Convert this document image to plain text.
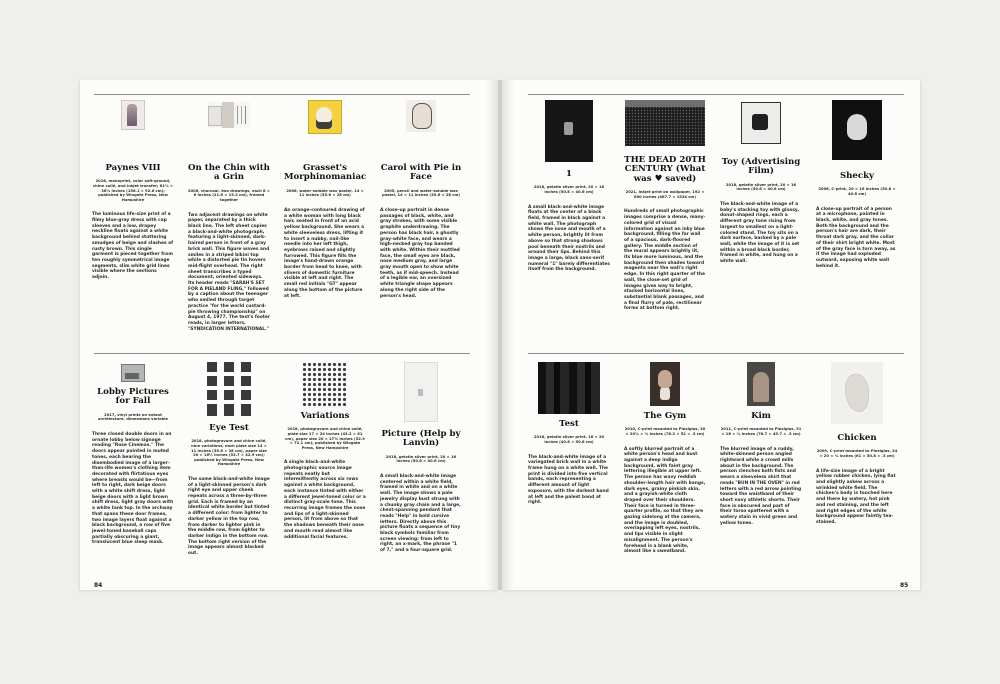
Paynes VIII
2016, monoprint, color soft-ground, chine collé, and inkjet transfer; 61⅞ × 36⅞ inches (156.1 × 92.6 cm); published by Wingate Press, New Hampshire
The luminous life-size print of a filmy blue-gray dress with cap sleeves and a low, drapey neckline floats against a white background behind stuttering smudges of beige and slashes of rusty brown. This single garment is pieced together from ten roughly symmetrical image segments, slim white grid lines visible where the sections adjoin.
On the Chin with a Grin
2006, charcoal, two drawings, each 8 × 6 inches (21.6 × 15.2 cm), framed together
Two adjacent drawings on white paper, separated by a thick black line. The left sheet copies a black-and-white photograph, featuring a light-skinned, dark-haired person in front of a gray brick wall. This figure waves and smiles in a striped bikini top while a distorted pie tin hovers mid-flight overhead. The right sheet transcribes a typed document, oriented sideways. Its header reads "SARAH'S SET FOR A PIELAND FLING," followed by a caption about the teenager who smiled through target practice "for the world custard-pie throwing championship" on August 4, 1977. The text's footer reads, in larger letters, "SYNDICATION INTERNATIONAL."
Grasset's Morphinomaniac
2006, water-soluble wax pastel, 14 × 11 inches (35.6 × 28 cm)
An orange-contoured drawing of a white woman with long black hair, seated in front of an acid yellow background. She wears a white sleeveless dress, lifting it to insert a nubby, nail-like needle into her left thigh, eyebrows raised and slightly furrowed. This figure fills the image's hand-drawn orange border from head to knee, with slivers of domestic furniture visible at left and right. The small red initials "GT" appear along the bottom of the picture at left.
Carol with Pie in Face
2005, pencil and water-soluble wax pastel, 14 × 11 inches (35.6 × 28 cm)
A close-up portrait in dense passages of black, white, and gray strokes, with some visible graphite underdrawing. The person has black hair, a ghostly gray-white face, and wears a high-necked gray top banded with white. Within their mottled face, the small eyes are black, nose medium gray, and large gray mouth open to show white teeth, as if mid-speech. Instead of a legible ear, an oversized white triangle shape appears along the right side of the person's head.
Lobby Pictures for Fall
2017, vinyl prints on extant architecture, dimensions variable
Three closed double doors in an ornate lobby below signage reading "Rose Cinemas." The doors appear painted in muted tones, each bearing the disembodied image of a larger-than-life women's clothing item decorated with flirtatious eyes where breasts would be—from left to right, dark beige doors with a white shift dress, light beige doors with a light brown shift dress, light gray doors with a white tank top. In the archway that spans these door frames, two image layers float against a black background, a row of five jewel-toned baseball caps partially obscuring a giant, translucent blue sleep mask.
Eye Test
2018, photogravure and chine collé, nine variations, each plate size 14 × 11 inches (35.6 × 28 cm), paper size 20 × 16½ inches (52.7 × 42.9 cm); published by Wingate Press, New Hampshire
The same black-and-white image of a light-skinned person's dark right eye and upper cheek repeats across a three-by-three grid. Each is framed by an identical white border but tinted a different color: from lighter to darker yellow in the top row, from darker to lighter pink in the middle row, from lighter to darker indigo in the bottom row. The bottom right version of the image appears almost blacked out.
Variations
2018, photogravure and chine collé, plate size 17 × 24 inches (43.2 × 61 cm), paper size 20 × 27⅝ inches (52.9 × 72.1 cm); published by Wingate Press, New Hampshire
A single black-and-white photographic source image repeats neatly but intermittently across six rows against a white background, each instance tinted with either a different jewel-toned color or a distinct gray-scale tone. This recurring image frames the nose and lips of a light-skinned person, lit from above so that the shadows beneath their nose and mouth read almost like additional facial features.
Picture (Help by Lanvin)
2018, gelatin silver print, 20 × 16 inches (50.8 × 40.6 cm)
A small black-and-white image centered within a white field, framed in white and on a white wall. The image shows a pale jewelry display bust strung with a chunky gray chain and a large, chest-spanning pendant that reads "Help" in bold cursive letters. Directly above this picture floats a sequence of tiny black symbols familiar from screen viewing: from left to right, an x-mark, the phrase "1 of 7," and a four-square grid.
84
1
2018, gelatin silver print, 20 × 16 inches (50.8 × 40.6 cm)
A small black-and-white image floats at the center of a black field, framed in black against a white wall. The photograph shows the nose and mouth of a white person, brightly lit from above so that strong shadows pool beneath their nostrils and around their lips. Behind this image a large, black sans-serif numeral "1" barely differentiates itself from the background.
THE DEAD 20TH CENTURY (What was ♥ saved)
2021, inkjet print on wallpaper, 192 × 600 inches (487.7 × 1524 cm)
Hundreds of small photographic images comprise a dense, many-colored grid of visual information against an inky blue background, filling the far wall of a spacious, dark-floored gallery. The middle section of the mural appears brightly lit, its blue more luminous, and the background then shades toward magenta near the wall's right edge. In this right quarter of the wall, the close-set grid of images gives way to bright, stacked horizontal lines, substantial blank passages, and a final flurry of pale, rectilinear forms at bottom right.
Toy (Advertising Film)
2018, gelatin silver print, 20 × 16 inches (50.8 × 40.6 cm)
The black-and-white image of a baby's stacking toy with glossy, donut-shaped rings, each a different gray tone rising from largest to smallest on a light-colored stand. The toy sits on a dark surface, backed by a pale wall, while the image of it is set within a broad black border, framed in white, and hung on a white wall.
Shecky
2006, C-print, 20 × 16 inches (50.8 × 40.6 cm)
A close-up portrait of a person at a microphone, painted in black, white, and gray tones. Both the background and the person's hair are dark, their throat dark gray, and the collar of their shirt bright white. Most of the gray face is torn away, as if the image had exploded outward, exposing white wall behind it.
Test
2018, gelatin silver print, 16 × 20 inches (40.6 × 50.8 cm)
The black-and-white image of a variegated brick wall in a white frame hung on a white wall. The print is divided into five vertical bands, each representing a different amount of light exposure, with the darkest band at left and the palest band at right.
The Gym
2010, C-print mounted to Plexiglas, 30 × 20⅞ × ⅛ inches (76.2 × 52 × .3 cm)
A softly blurred portrait of a white person's head and bust against a deep indigo background, with faint gray lettering illegible at upper left. The person has wavy reddish shoulder-length hair with bangs, dark eyes, grainy pinkish skin, and a grayish-white cloth draped over their shoulders. Their face is turned in three-quarter profile, so that they are gazing sidelong at the camera, and the image is doubled, overlapping left eyes, nostrils, and lips visible in slight misalignment. The person's forehead is a blank white, almost like a sweatband.
Kim
2011, C-print mounted to Plexiglas, 31 × 18 × ⅛ inches (78.7 × 45.7 × .3 cm)
The blurred image of a ruddy, white-skinned person angled rightward while a crowd mills about in the background. The person clenches both fists and wears a sleeveless shirt that reads "BUN IN THE OVEN" in red letters with a red arrow pointing toward the waistband of their short navy athletic shorts. Their face is obscured and part of their torso spattered with a watery stain in vivid green and yellow tones.
Chicken
2009, C-print mounted to Plexiglas, 24 × 20 × ⅛ inches (61 × 50.8 × .3 cm)
A life-size image of a bright yellow rubber chicken, lying flat and slightly askew across a wrinkled white field. The chicken's body is touched here and there by watery, hot pink and red staining, and the left and right edges of the white background appear faintly tea-stained.
85
